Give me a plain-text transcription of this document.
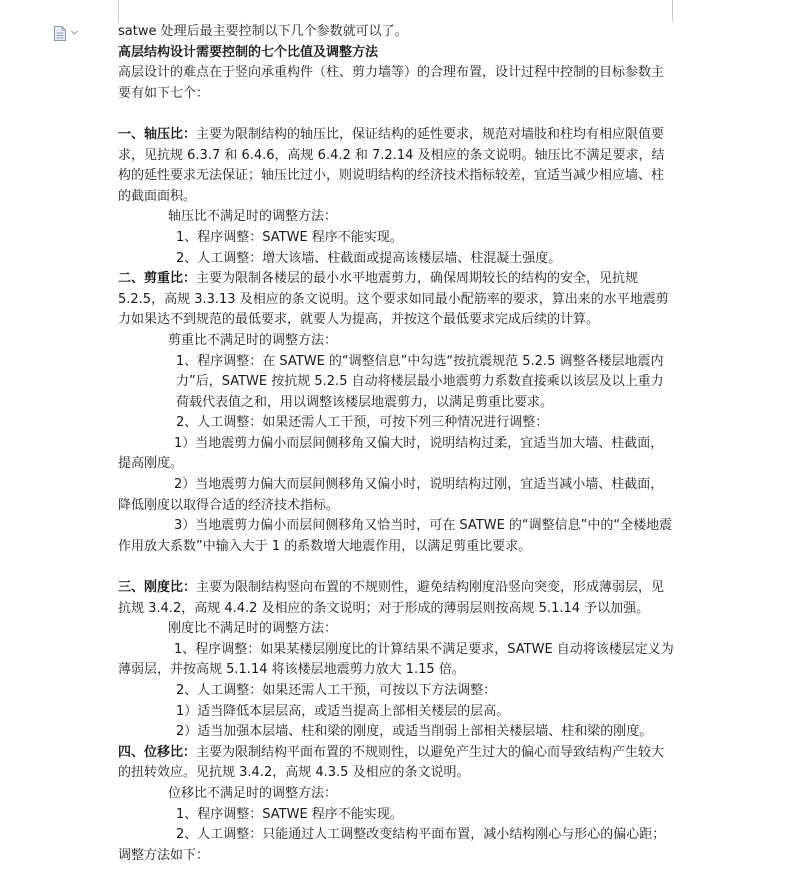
satwe 处理后最主要控制以下几个参数就可以了。

高层结构设计需要控制的七个比值及调整方法

高层设计的难点在于竖向承重构件（柱、剪力墙等）的合理布置，设计过程中控制的目标参数主要有如下七个：

一、轴压比：主要为限制结构的轴压比，保证结构的延性要求，规范对墙肢和柱均有相应限值要求，见抗规 6.3.7 和 6.4.6，高规 6.4.2 和 7.2.14 及相应的条文说明。轴压比不满足要求，结构的延性要求无法保证；轴压比过小，则说明结构的经济技术指标较差，宜适当减少相应墙、柱的截面面积。

轴压比不满足时的调整方法：

1、程序调整：SATWE 程序不能实现。

2、人工调整：增大该墙、柱截面或提高该楼层墙、柱混凝土强度。

二、剪重比：主要为限制各楼层的最小水平地震剪力，确保周期较长的结构的安全，见抗规 5.2.5，高规 3.3.13 及相应的条文说明。这个要求如同最小配筋率的要求，算出来的水平地震剪力如果达不到规范的最低要求，就要人为提高，并按这个最低要求完成后续的计算。

剪重比不满足时的调整方法：

1、程序调整：在 SATWE 的“调整信息”中勾选“按抗震规范 5.2.5 调整各楼层地震内力”后，SATWE 按抗规 5.2.5 自动将楼层最小地震剪力系数直接乘以该层及以上重力荷载代表值之和，用以调整该楼层地震剪力，以满足剪重比要求。

2、人工调整：如果还需人工干预，可按下列三种情况进行调整：

1）当地震剪力偏小而层间侧移角又偏大时，说明结构过柔，宜适当加大墙、柱截面，提高刚度。

2）当地震剪力偏大而层间侧移角又偏小时，说明结构过刚，宜适当减小墙、柱截面，降低刚度以取得合适的经济技术指标。

3）当地震剪力偏小而层间侧移角又恰当时，可在 SATWE 的“调整信息”中的“全楼地震作用放大系数”中输入大于 1 的系数增大地震作用，以满足剪重比要求。

三、刚度比：主要为限制结构竖向布置的不规则性，避免结构刚度沿竖向突变，形成薄弱层，见抗规 3.4.2，高规 4.4.2 及相应的条文说明；对于形成的薄弱层则按高规 5.1.14 予以加强。

刚度比不满足时的调整方法：

1、程序调整：如果某楼层刚度比的计算结果不满足要求，SATWE 自动将该楼层定义为薄弱层，并按高规 5.1.14 将该楼层地震剪力放大 1.15 倍。

2、人工调整：如果还需人工干预，可按以下方法调整：

1）适当降低本层层高，或适当提高上部相关楼层的层高。

2）适当加强本层墙、柱和梁的刚度，或适当削弱上部相关楼层墙、柱和梁的刚度。

四、位移比：主要为限制结构平面布置的不规则性，以避免产生过大的偏心而导致结构产生较大的扭转效应。见抗规 3.4.2，高规 4.3.5 及相应的条文说明。

位移比不满足时的调整方法：

1、程序调整：SATWE 程序不能实现。

2、人工调整：只能通过人工调整改变结构平面布置，减小结构刚心与形心的偏心距；调整方法如下：
